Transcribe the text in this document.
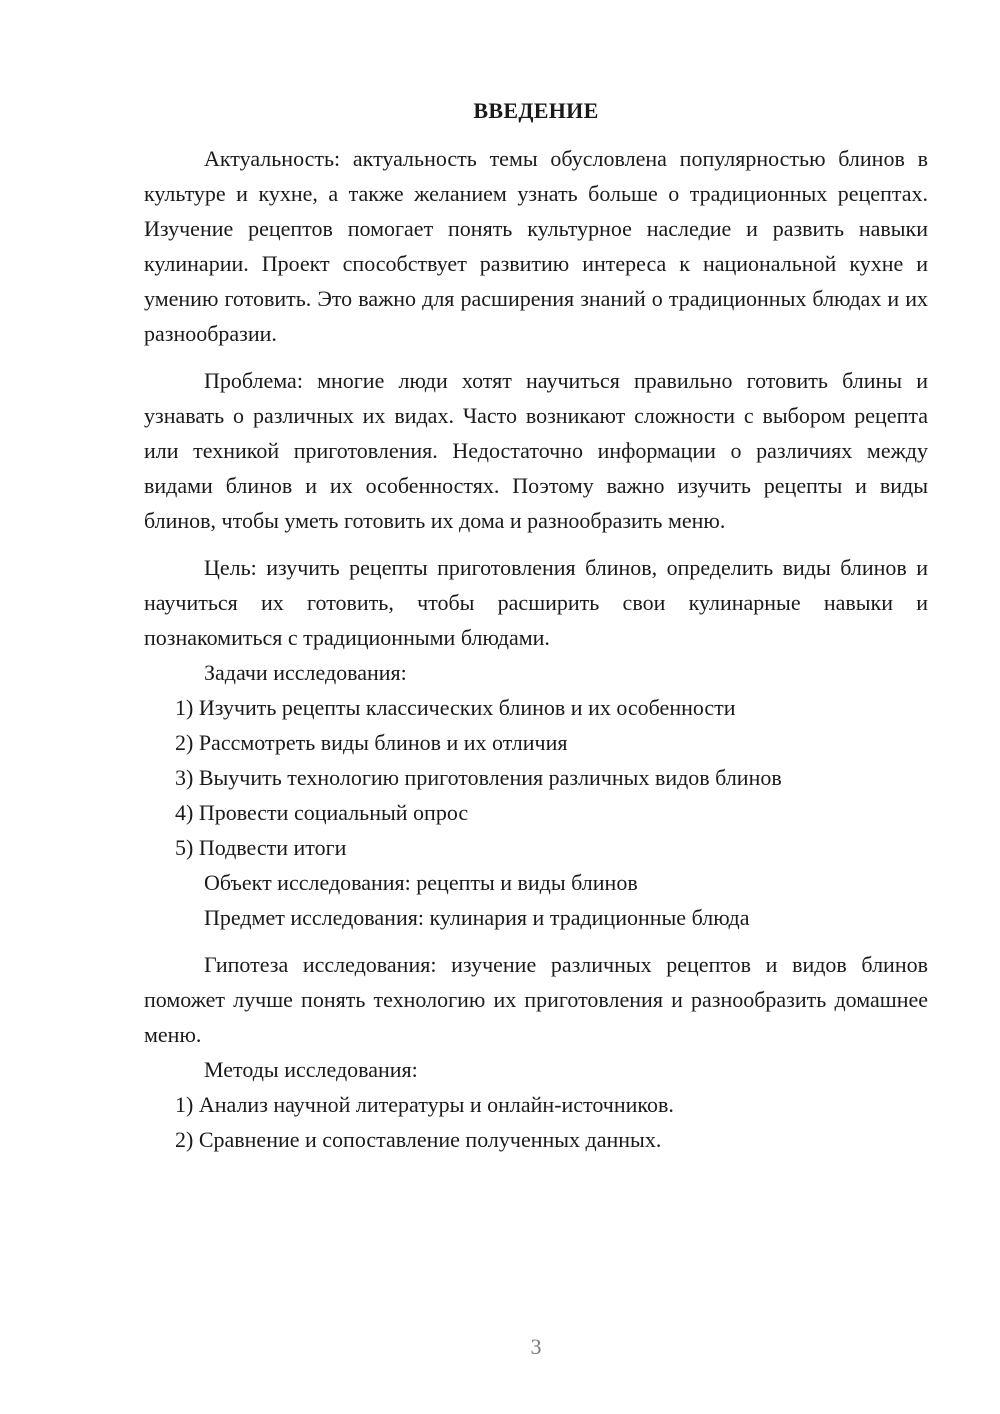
ВВЕДЕНИЕ

Актуальность: актуальность темы обусловлена популярностью блинов в культуре и кухне, а также желанием узнать больше о традиционных рецептах. Изучение рецептов помогает понять культурное наследие и развить навыки кулинарии. Проект способствует развитию интереса к национальной кухне и умению готовить. Это важно для расширения знаний о традиционных блюдах и их разнообразии.

Проблема: многие люди хотят научиться правильно готовить блины и узнавать о различных их видах. Часто возникают сложности с выбором рецепта или техникой приготовления. Недостаточно информации о различиях между видами блинов и их особенностях. Поэтому важно изучить рецепты и виды блинов, чтобы уметь готовить их дома и разнообразить меню.

Цель: изучить рецепты приготовления блинов, определить виды блинов и научиться их готовить, чтобы расширить свои кулинарные навыки и познакомиться с традиционными блюдами.

Задачи исследования:

1) Изучить рецепты классических блинов и их особенности

2) Рассмотреть виды блинов и их отличия

3) Выучить технологию приготовления различных видов блинов

4) Провести социальный опрос

5) Подвести итоги

Объект исследования: рецепты и виды блинов

Предмет исследования: кулинария и традиционные блюда

Гипотеза исследования: изучение различных рецептов и видов блинов поможет лучше понять технологию их приготовления и разнообразить домашнее меню.

Методы исследования:

1) Анализ научной литературы и онлайн-источников.

2) Сравнение и сопоставление полученных данных.

3
